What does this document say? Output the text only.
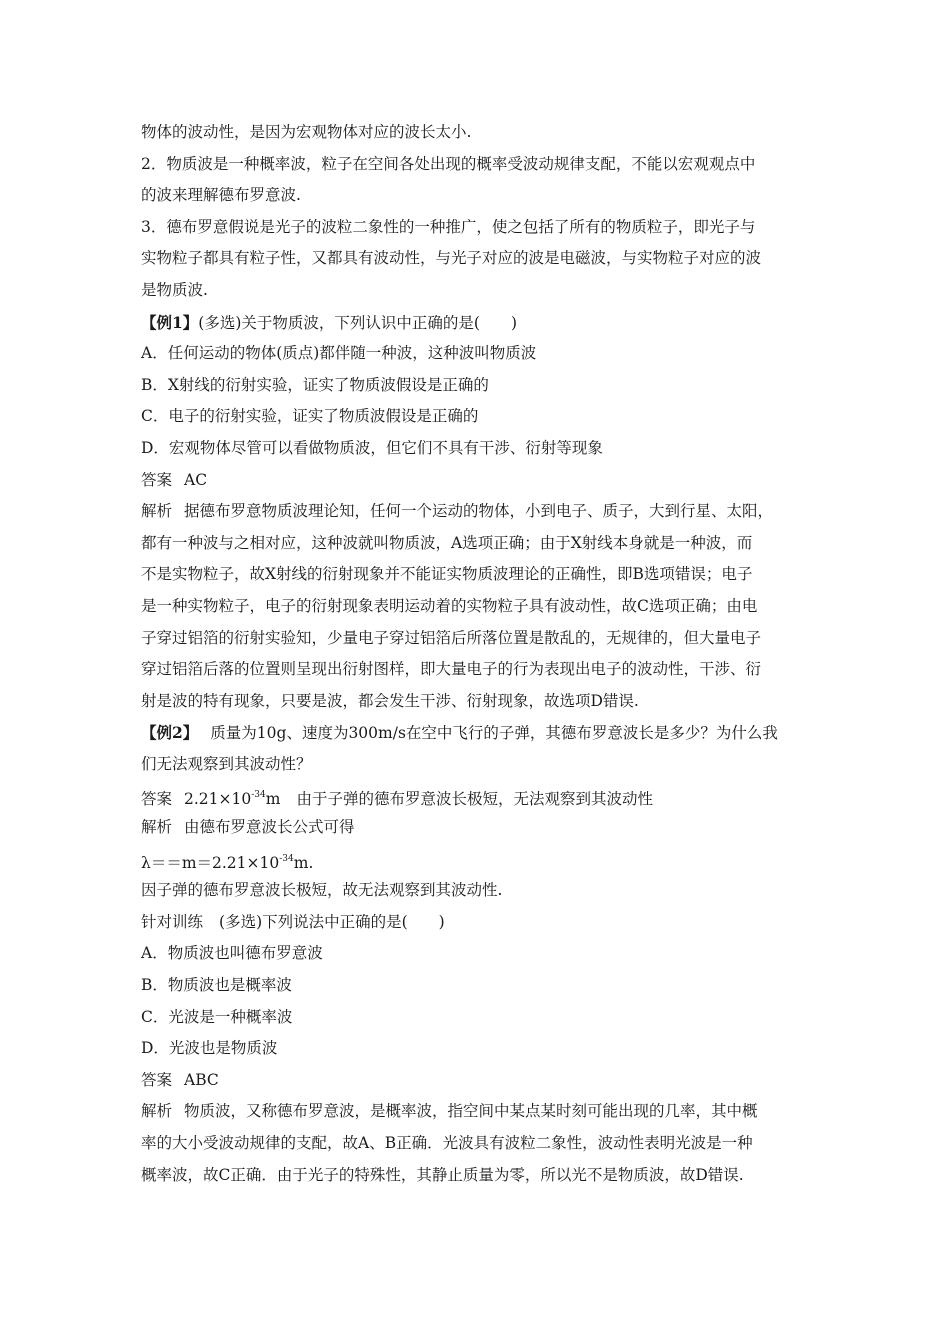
物体的波动性，是因为宏观物体对应的波长太小.
2．物质波是一种概率波，粒子在空间各处出现的概率受波动规律支配，不能以宏观观点中
的波来理解德布罗意波.
3．德布罗意假说是光子的波粒二象性的一种推广，使之包括了所有的物质粒子，即光子与
实物粒子都具有粒子性，又都具有波动性，与光子对应的波是电磁波，与实物粒子对应的波
是物质波.
【例1】(多选)关于物质波，下列认识中正确的是(　　)
A．任何运动的物体(质点)都伴随一种波，这种波叫物质波
B．X射线的衍射实验，证实了物质波假设是正确的
C．电子的衍射实验，证实了物质波假设是正确的
D．宏观物体尽管可以看做物质波，但它们不具有干涉、衍射等现象
答案 AC
解析 据德布罗意物质波理论知，任何一个运动的物体，小到电子、质子，大到行星、太阳，
都有一种波与之相对应，这种波就叫物质波，A选项正确；由于X射线本身就是一种波，而
不是实物粒子，故X射线的衍射现象并不能证实物质波理论的正确性，即B选项错误；电子
是一种实物粒子，电子的衍射现象表明运动着的实物粒子具有波动性，故C选项正确；由电
子穿过铝箔的衍射实验知，少量电子穿过铝箔后所落位置是散乱的，无规律的，但大量电子
穿过铝箔后落的位置则呈现出衍射图样，即大量电子的行为表现出电子的波动性，干涉、衍
射是波的特有现象，只要是波，都会发生干涉、衍射现象，故选项D错误.
【例2】 质量为10g、速度为300m/s在空中飞行的子弹，其德布罗意波长是多少？为什么我
们无法观察到其波动性？
答案 $2.21\times 10^{-34}m$ 由于子弹的德布罗意波长极短，无法观察到其波动性
解析 由德布罗意波长公式可得
$\lambda==m=2.21\times 10^{-34}m$.
因子弹的德布罗意波长极短，故无法观察到其波动性.
针对训练 (多选)下列说法中正确的是(　　)
A．物质波也叫德布罗意波
B．物质波也是概率波
C．光波是一种概率波
D．光波也是物质波
答案 ABC
解析 物质波，又称德布罗意波，是概率波，指空间中某点某时刻可能出现的几率，其中概
率的大小受波动规律的支配，故A、B正确．光波具有波粒二象性，波动性表明光波是一种
概率波，故C正确．由于光子的特殊性，其静止质量为零，所以光不是物质波，故D错误.
